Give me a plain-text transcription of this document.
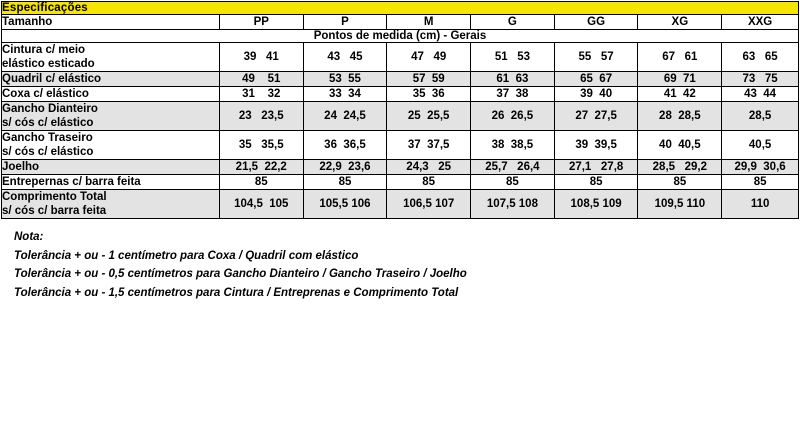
Especificações							
Tamanho	PP	P	M	G	GG	XG	XXG
Pontos de medida (cm) - Gerais							
Cintura c/ meio
elástico esticado	39   41	43   45	47   49	51   53	55   57	67   61	63   65
Quadril c/ elástico	49    51	53  55	57  59	61  63	65  67	69  71	73   75
Coxa c/ elástico	31    32	33  34	35  36	37  38	39  40	41  42	43  44
Gancho Dianteiro
s/ cós c/ elástico	23   23,5	24  24,5	25  25,5	26  26,5	27  27,5	28  28,5	28,5
Gancho Traseiro
s/ cós c/ elástico	35   35,5	36  36,5	37  37,5	38  38,5	39  39,5	40  40,5	40,5
Joelho	21,5  22,2	22,9  23,6	24,3   25	25,7   26,4	27,1   27,8	28,5   29,2	29,9  30,6
Entrepernas c/ barra feita	85	85	85	85	85	85	85
Comprimento Total
s/ cós c/ barra feita	104,5  105	105,5 106	106,5 107	107,5 108	108,5 109	109,5 110	110
Nota:
Tolerância + ou - 1 centímetro para Coxa / Quadril com elástico
Tolerância + ou - 0,5 centímetros para Gancho Dianteiro / Gancho Traseiro / Joelho
Tolerância + ou - 1,5 centímetros para Cintura / Entreprenas e Comprimento Total
